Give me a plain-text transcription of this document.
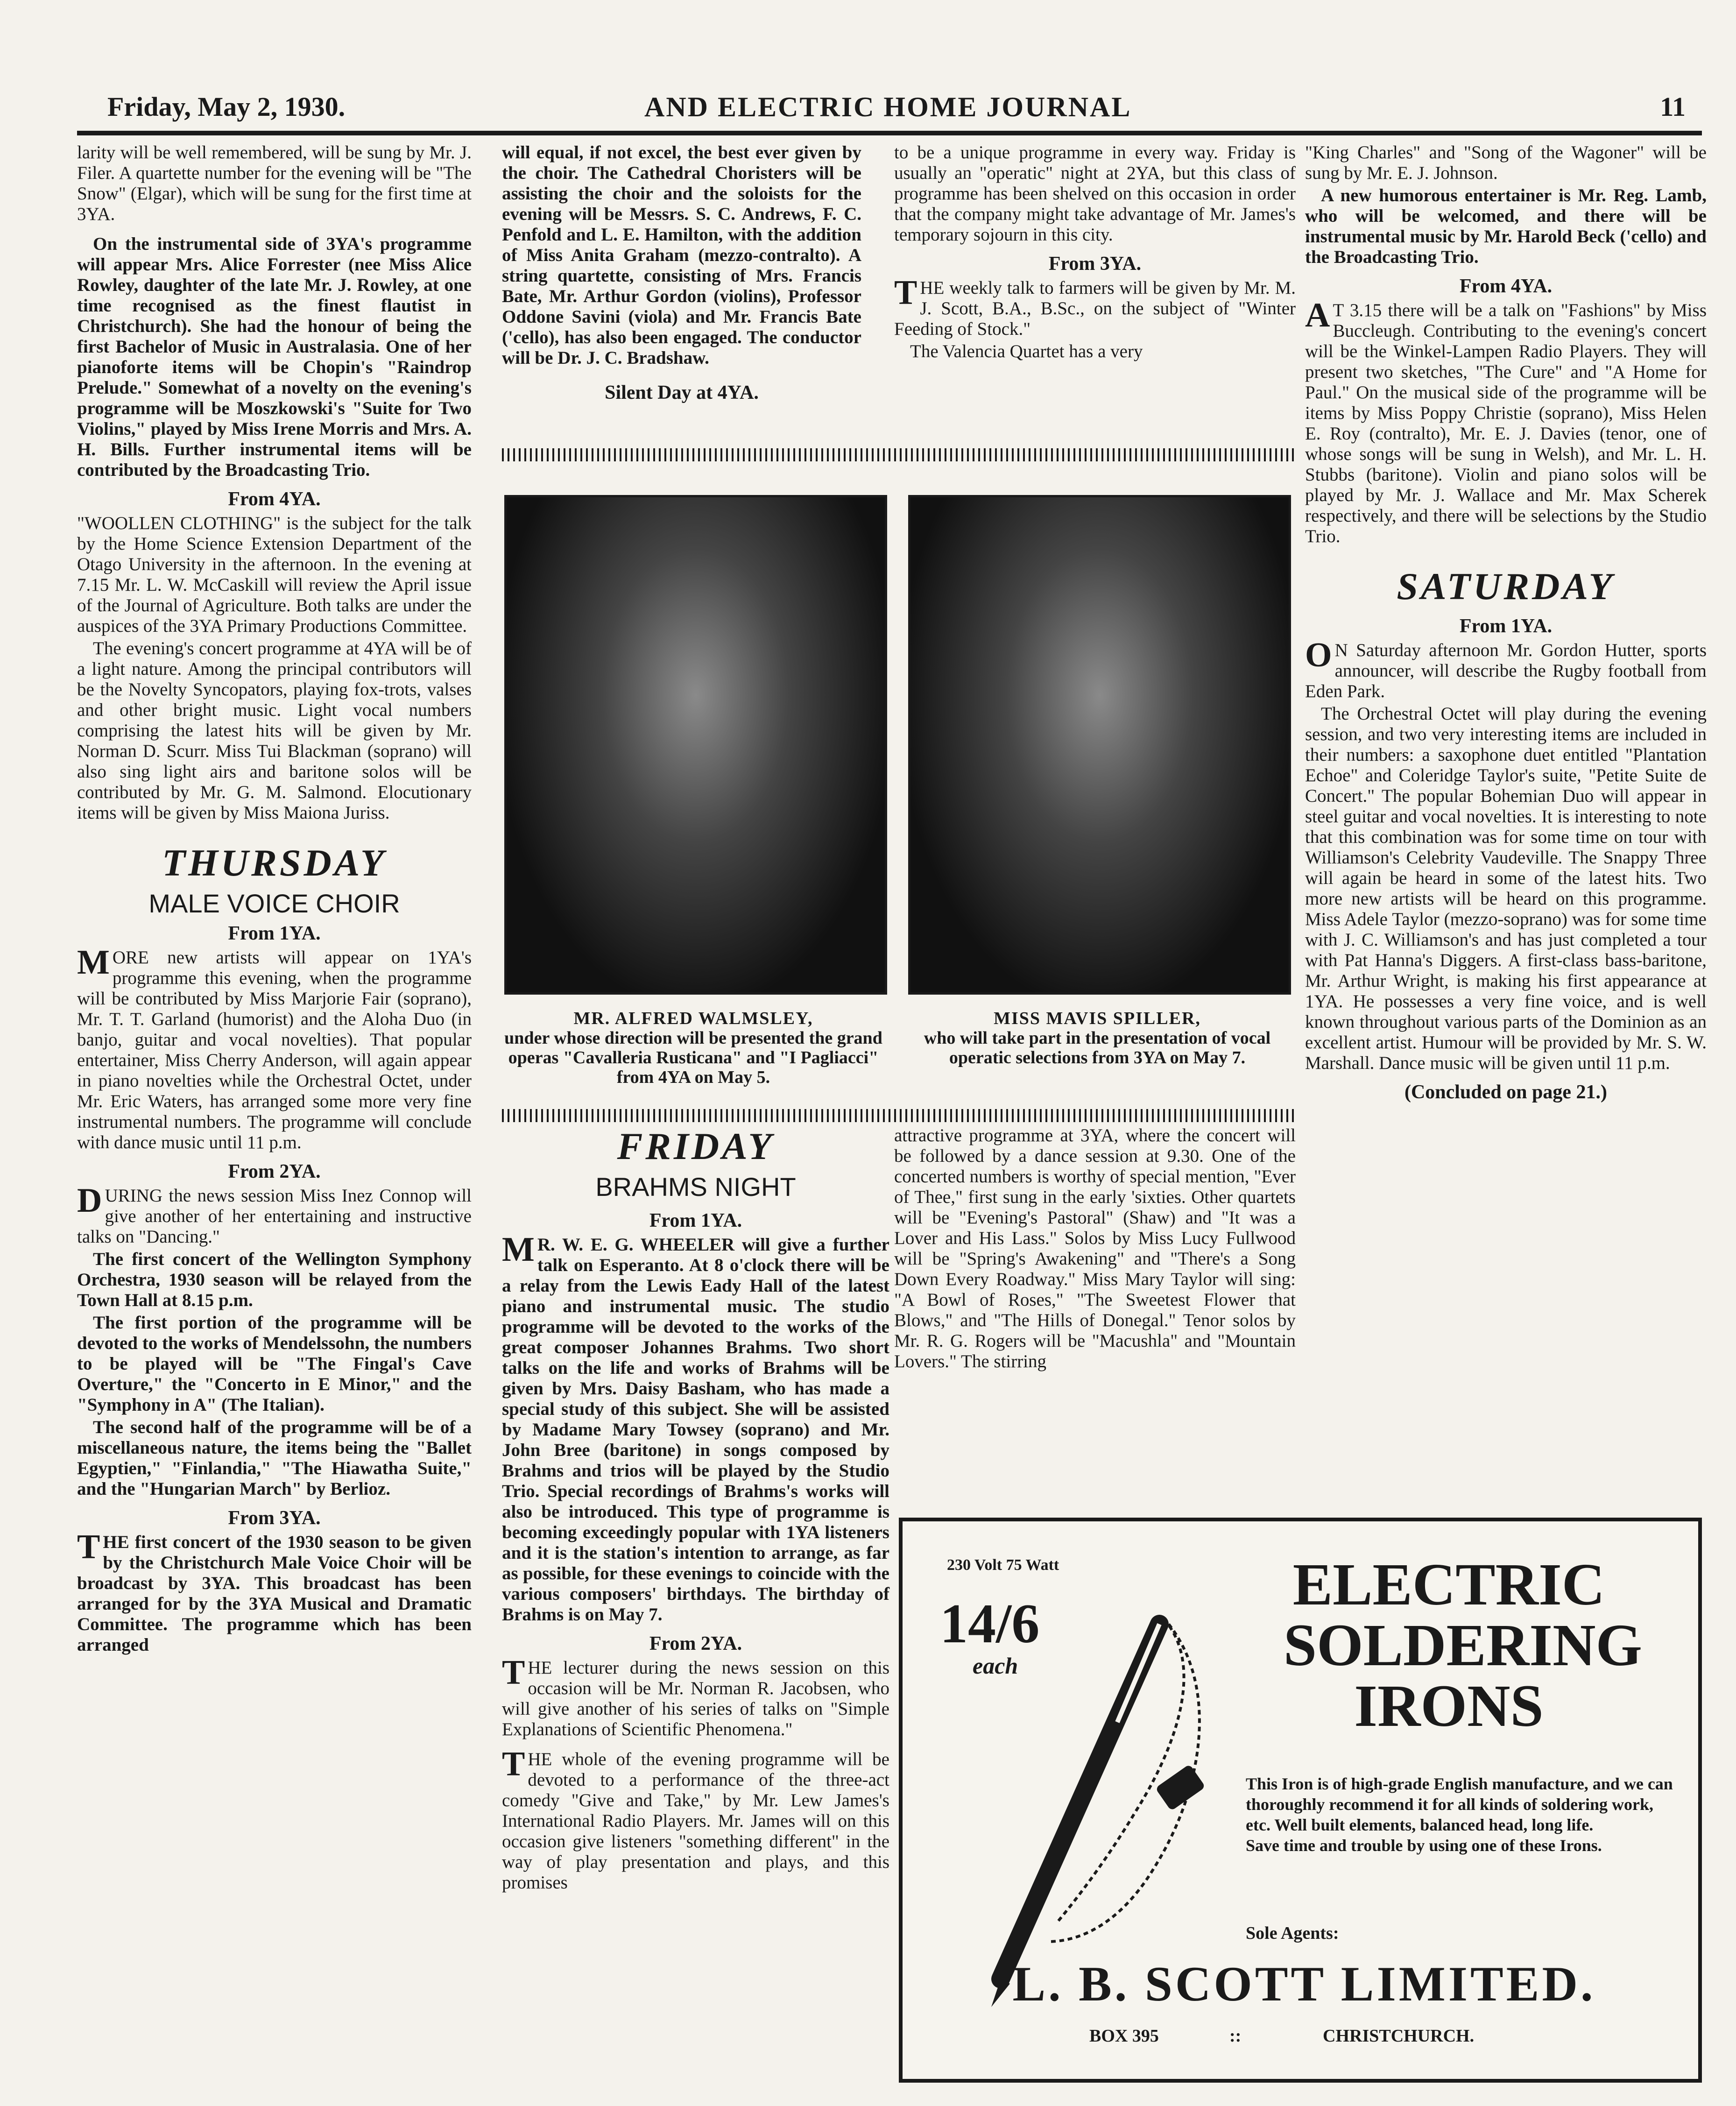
Friday, May 2, 1930.	AND ELECTRIC HOME JOURNAL	11

larity will be well remembered, will be sung by Mr. J. Filer. A quartette number for the evening will be "The Snow" (Elgar), which will be sung for the first time at 3YA.

On the instrumental side of 3YA's programme will appear Mrs. Alice Forrester (nee Miss Alice Rowley, daughter of the late Mr. J. Rowley, at one time recognised as the finest flautist in Christchurch). She had the honour of being the first Bachelor of Music in Australasia. One of her pianoforte items will be Chopin's "Raindrop Prelude." Somewhat of a novelty on the evening's programme will be Moszkowski's "Suite for Two Violins," played by Miss Irene Morris and Mrs. A. H. Bills. Further instrumental items will be contributed by the Broadcasting Trio.

From 4YA.

"WOOLLEN CLOTHING" is the subject for the talk by the Home Science Extension Department of the Otago University in the afternoon. In the evening at 7.15 Mr. L. W. McCaskill will review the April issue of the Journal of Agriculture. Both talks are under the auspices of the 3YA Primary Productions Committee.

The evening's concert programme at 4YA will be of a light nature. Among the principal contributors will be the Novelty Syncopators, playing fox-trots, valses and other bright music. Light vocal numbers comprising the latest hits will be given by Mr. Norman D. Scurr. Miss Tui Blackman (soprano) will also sing light airs and baritone solos will be contributed by Mr. G. M. Salmond. Elocutionary items will be given by Miss Maiona Juriss.

THURSDAY
MALE VOICE CHOIR
From 1YA.

MORE new artists will appear on 1YA's programme this evening, when the programme will be contributed by Miss Marjorie Fair (soprano), Mr. T. T. Garland (humorist) and the Aloha Duo (in banjo, guitar and vocal novelties). That popular entertainer, Miss Cherry Anderson, will again appear in piano novelties while the Orchestral Octet, under Mr. Eric Waters, has arranged some more very fine instrumental numbers. The programme will conclude with dance music until 11 p.m.

From 2YA.

DURING the news session Miss Inez Connop will give another of her entertaining and instructive talks on "Dancing."

The first concert of the Wellington Symphony Orchestra, 1930 season will be relayed from the Town Hall at 8.15 p.m.

The first portion of the programme will be devoted to the works of Mendelssohn, the numbers to be played will be "The Fingal's Cave Overture," the "Concerto in E Minor," and the "Symphony in A" (The Italian).

The second half of the programme will be of a miscellaneous nature, the items being the "Ballet Egyptien," "Finlandia," "The Hiawatha Suite," and the "Hungarian March" by Berlioz.

From 3YA.

THE first concert of the 1930 season to be given by the Christchurch Male Voice Choir will be broadcast by 3YA. This broadcast has been arranged for by the 3YA Musical and Dramatic Committee. The programme which has been arranged

will equal, if not excel, the best ever given by the choir. The Cathedral Choristers will be assisting the choir and the soloists for the evening will be Messrs. S. C. Andrews, F. C. Penfold and L. E. Hamilton, with the addition of Miss Anita Graham (mezzo-contralto). A string quartette, consisting of Mrs. Francis Bate, Mr. Arthur Gordon (violins), Professor Oddone Savini (viola) and Mr. Francis Bate ('cello), has also been engaged. The conductor will be Dr. J. C. Bradshaw.

Silent Day at 4YA.

to be a unique programme in every way. Friday is usually an "operatic" night at 2YA, but this class of programme has been shelved on this occasion in order that the company might take advantage of Mr. James's temporary sojourn in this city.

From 3YA.

THE weekly talk to farmers will be given by Mr. M. J. Scott, B.A., B.Sc., on the subject of "Winter Feeding of Stock."

The Valencia Quartet has a very

"King Charles" and "Song of the Wagoner" will be sung by Mr. E. J. Johnson.

A new humorous entertainer is Mr. Reg. Lamb, who will be welcomed, and there will be instrumental music by Mr. Harold Beck ('cello) and the Broadcasting Trio.

From 4YA.

A T 3.15 there will be a talk on "Fashions" by Miss Buccleugh. Contributing to the evening's concert will be the Winkel-Lampen Radio Players. They will present two sketches, "The Cure" and "A Home for Paul." On the musical side of the programme will be items by Miss Poppy Christie (soprano), Miss Helen E. Roy (contralto), Mr. E. J. Davies (tenor, one of whose songs will be sung in Welsh), and Mr. L. H. Stubbs (baritone). Violin and piano solos will be played by Mr. J. Wallace and Mr. Max Scherek respectively, and there will be selections by the Studio Trio.

SATURDAY
From 1YA.

O N Saturday afternoon Mr. Gordon Hutter, sports announcer, will describe the Rugby football from Eden Park.

The Orchestral Octet will play during the evening session, and two very interesting items are included in their numbers: a saxophone duet entitled "Plantation Echoe" and Coleridge Taylor's suite, "Petite Suite de Concert." The popular Bohemian Duo will appear in steel guitar and vocal novelties. It is interesting to note that this combination was for some time on tour with Williamson's Celebrity Vaudeville. The Snappy Three will again be heard in some of the latest hits. Two more new artists will be heard on this programme. Miss Adele Taylor (mezzo-soprano) was for some time with J. C. Williamson's and has just completed a tour with Pat Hanna's Diggers. A first-class bass-baritone, Mr. Arthur Wright, is making his first appearance at 1YA. He possesses a very fine voice, and is well known throughout various parts of the Dominion as an excellent artist. Humour will be provided by Mr. S. W. Marshall. Dance music will be given until 11 p.m.

(Concluded on page 21.)
MR. ALFRED WALMSLEY,
under whose direction will be presented the grand operas "Cavalleria Rusticana" and "I Pagliacci" from 4YA on May 5.
MISS MAVIS SPILLER,
who will take part in the presentation of vocal operatic selections from 3YA on May 7.
FRIDAY
BRAHMS NIGHT
From 1YA.

M R. W. E. G. WHEELER will give a further talk on Esperanto. At 8 o'clock there will be a relay from the Lewis Eady Hall of the latest piano and instrumental music. The studio programme will be devoted to the works of the great composer Johannes Brahms. Two short talks on the life and works of Brahms will be given by Mrs. Daisy Basham, who has made a special study of this subject. She will be assisted by Madame Mary Towsey (soprano) and Mr. John Bree (baritone) in songs composed by Brahms and trios will be played by the Studio Trio. Special recordings of Brahms's works will also be introduced. This type of programme is becoming exceedingly popular with 1YA listeners and it is the station's intention to arrange, as far as possible, for these evenings to coincide with the various composers' birthdays. The birthday of Brahms is on May 7.

From 2YA.

THE lecturer during the news session on this occasion will be Mr. Norman R. Jacobsen, who will give another of his series of talks on "Simple Explanations of Scientific Phenomena."

THE whole of the evening programme will be devoted to a performance of the three-act comedy "Give and Take," by Mr. Lew James's International Radio Players. Mr. James will on this occasion give listeners "something different" in the way of play presentation and plays, and this promises

attractive programme at 3YA, where the concert will be followed by a dance session at 9.30. One of the concerted numbers is worthy of special mention, "Ever of Thee," first sung in the early 'sixties. Other quartets will be "Evening's Pastoral" (Shaw) and "It was a Lover and His Lass." Solos by Miss Lucy Fullwood will be "Spring's Awakening" and "There's a Song Down Every Roadway." Miss Mary Taylor will sing: "A Bowl of Roses," "The Sweetest Flower that Blows," and "The Hills of Donegal." Tenor solos by Mr. R. G. Rogers will be "Macushla" and "Mountain Lovers." The stirring

230 Volt 75 Watt
14/6
each
ELECTRIC
SOLDERING
IRONS
This Iron is of high-grade English manufacture, and we can thoroughly recommend it for all kinds of soldering work, etc. Well built elements, balanced head, long life.
Save time and trouble by using one of these Irons.
Sole Agents:
L. B. SCOTT LIMITED.
BOX 395	::	CHRISTCHURCH.
